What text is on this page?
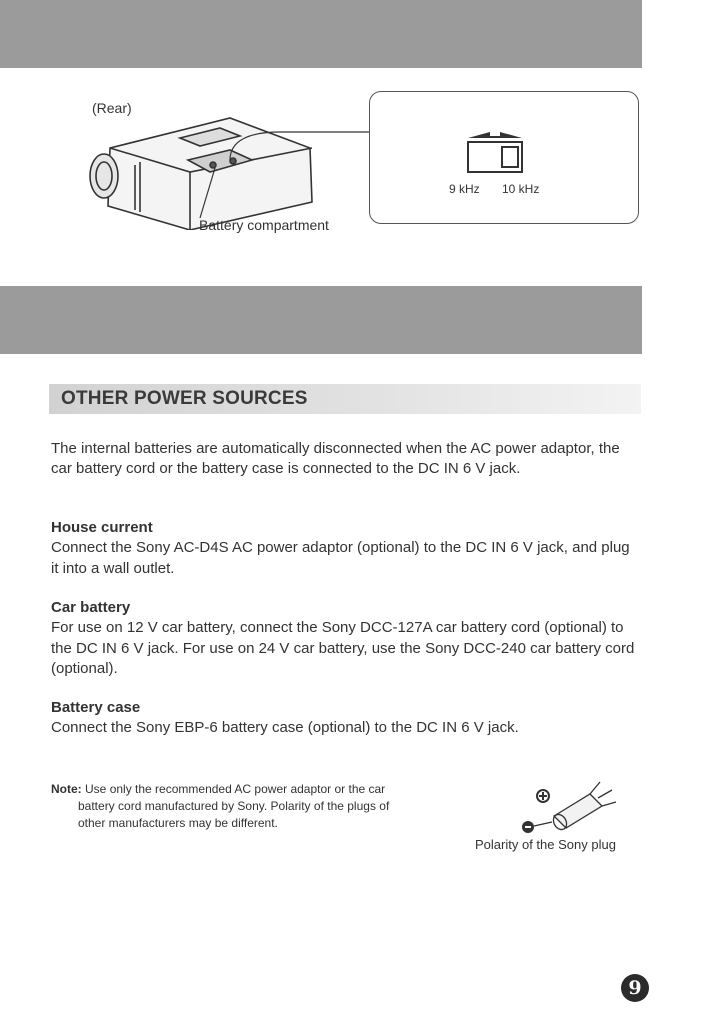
(Rear)
Battery compartment
9 kHz 10 kHz
OTHER POWER SOURCES
The internal batteries are automatically disconnected when the AC power adaptor, the car battery cord or the battery case is connected to the DC IN 6 V jack.
House current
Connect the Sony AC-D4S AC power adaptor (optional) to the DC IN 6 V jack, and plug it into a wall outlet.
Car battery
For use on 12 V car battery, connect the Sony DCC-127A car battery cord (optional) to the DC IN 6 V jack. For use on 24 V car battery, use the Sony DCC-240 car battery cord (optional).
Battery case
Connect the Sony EBP-6 battery case (optional) to the DC IN 6 V jack.
Note: Use only the recommended AC power adaptor or the car
battery cord manufactured by Sony. Polarity of the plugs of
other manufacturers may be different.
Polarity of the Sony plug
9
